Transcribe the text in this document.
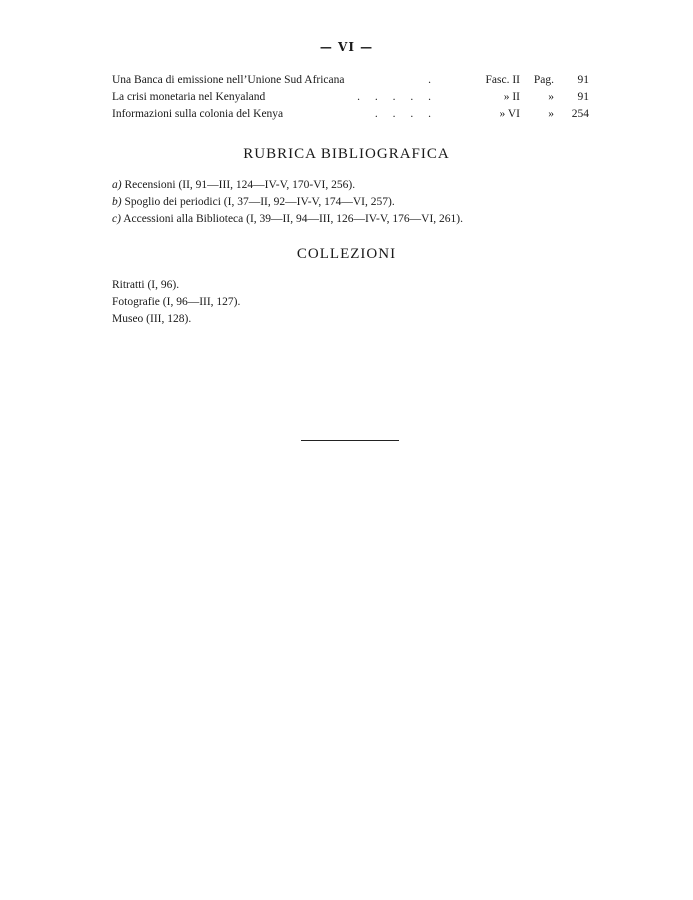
— VI —
Una Banca di emissione nell’Unione Sud Africana	.	Fasc. II	Pag.	91
La crisi monetaria nel Kenyaland	. . . . .	» II	»	91
Informazioni sulla colonia del Kenya	. . . .	» VI	»	254
RUBRICA BIBLIOGRAFICA
a) Recensioni (II, 91—III, 124—IV-V, 170-VI, 256).
b) Spoglio dei periodici (I, 37—II, 92—IV-V, 174—VI, 257).
c) Accessioni alla Biblioteca (I, 39—II, 94—III, 126—IV-V, 176—VI, 261).
COLLEZIONI
Ritratti (I, 96).
Fotografie (I, 96—III, 127).
Museo (III, 128).
